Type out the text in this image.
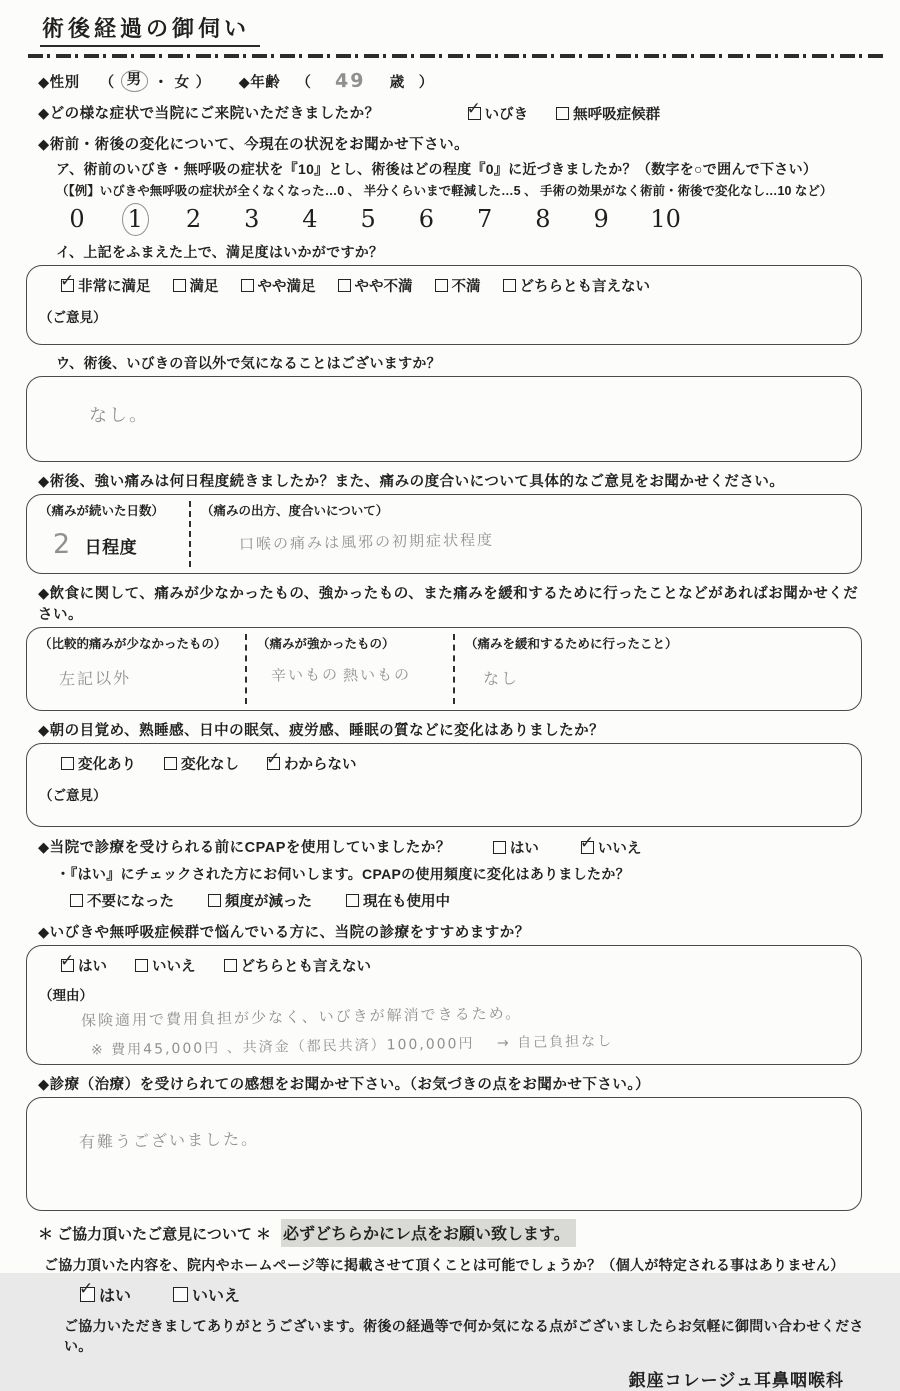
術後経過の御伺い
◆性別 （ 男 ・ 女 ） ◆年齢 （ 49 歳 ）
◆どの様な症状で当院にご来院いただきましたか？ ✓	いびき	無呼吸症候群
◆術前・術後の変化について、今現在の状況をお聞かせ下さい。
ア、術前のいびき・無呼吸の症状を『10』とし、術後はどの程度『0』に近づきましたか？（数字を○で囲んで下さい）
（【例】いびきや無呼吸の症状が全くなくなった…0 、 半分くらいまで軽減した…5 、 手術の効果がなく術前・術後で変化なし…10 など）
0	1	2	3	4	5	6	7	8	9	10
イ、上記をふまえた上で、満足度はいかがですか？
✓
非常に満足	満足	やや満足	やや不満	不満	どちらとも言えない
（ご意見）
ウ、術後、いびきの音以外で気になることはございますか？
なし。
◆術後、強い痛みは何日程度続きましたか？また、痛みの度合いについて具体的なご意見をお聞かせください。
（痛みが続いた日数）
2 日程度
（痛みの出方、度合いについて）
口喉の痛みは風邪の初期症状程度
◆飲食に関して、痛みが少なかったもの、強かったもの、また痛みを緩和するために行ったことなどがあればお聞かせください。
（比較的痛みが少なかったもの）
左記以外
（痛みが強かったもの）
辛いもの 熱いもの
（痛みを緩和するために行ったこと）
なし
◆朝の目覚め、熟睡感、日中の眠気、疲労感、睡眠の質などに変化はありましたか？
変化あり	変化なし ✓	わからない
（ご意見）
◆当院で診療を受けられる前にCPAPを使用していましたか？	はい ✓	いいえ
・『はい』にチェックされた方にお伺いします。CPAPの使用頻度に変化はありましたか？
不要になった	頻度が減った	現在も使用中
◆いびきや無呼吸症候群で悩んでいる方に、当院の診療をすすめますか？
✓
はい	いいえ	どちらとも言えない
（理由）
保険適用で費用負担が少なく、いびきが解消できるため。
※ 費用45,000円 、共済金（都民共済）100,000円　 → 自己負担なし
◆診療（治療）を受けられての感想をお聞かせ下さい。（お気づきの点をお聞かせ下さい。）
有難うございました。
＊ ご協力頂いたご意見について ＊ 必ずどちらかにレ点をお願い致します。
ご協力頂いた内容を、院内やホームページ等に掲載させて頂くことは可能でしょうか？（個人が特定される事はありません）
✓
はい	いいえ
ご協力いただきましてありがとうございます。術後の経過等で何か気になる点がございましたらお気軽に御問い合わせください。
銀座コレージュ耳鼻咽喉科
